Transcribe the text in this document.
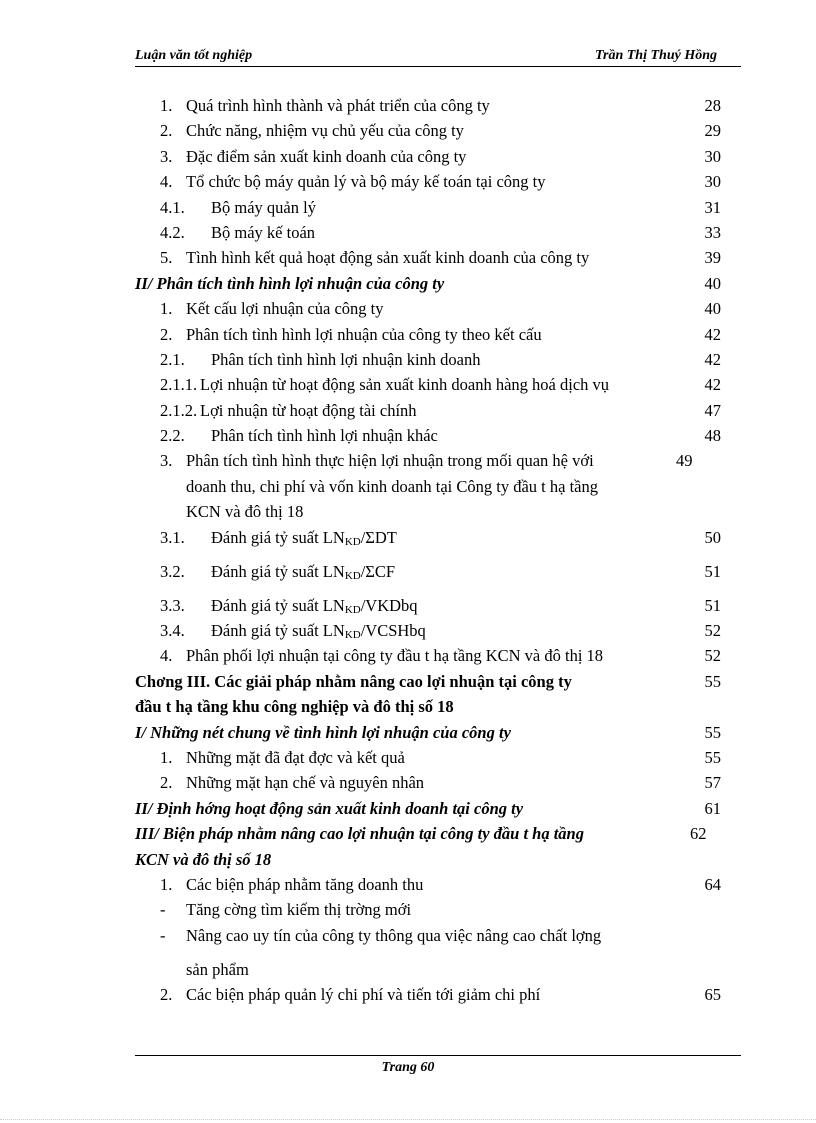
Luận văn tốt nghiệp	Trần Thị Thuý Hồng
1. Quá trình hình thành và phát triển của công ty	28
2. Chức năng, nhiệm vụ chủ yếu của công ty	29
3. Đặc điểm sản xuất kinh doanh của công ty	30
4. Tổ chức bộ máy quản lý và bộ máy kế toán tại công ty	30
4.1. Bộ máy quản lý	31
4.2. Bộ máy kế toán	33
5. Tình hình kết quả hoạt động sản xuất kinh doanh của công ty	39
II/ Phân tích tình hình lợi nhuận của công ty	40
1. Kết cấu lợi nhuận của công ty	40
2. Phân tích tình hình lợi nhuận của công ty theo kết cấu	42
2.1. Phân tích tình hình lợi nhuận kinh doanh	42
2.1.1. Lợi nhuận từ hoạt động sản xuất kinh doanh hàng hoá dịch vụ	42
2.1.2. Lợi nhuận từ hoạt động tài chính	47
2.2. Phân tích tình hình lợi nhuận khác	48
3. Phân tích tình hình thực hiện lợi nhuận trong mối quan hệ với	49
doanh thu, chi phí và vốn kinh doanh tại Công ty đầu t hạ tầng
KCN và đô thị 18
3.1. Đánh giá tỷ suất $LN_{KD}$/ΣDT	50
3.2. Đánh giá tỷ suất $LN_{KD}$/ΣCF	51
3.3. Đánh giá tỷ suất $LN_{KD}$/VKDbq	51
3.4. Đánh giá tỷ suất $LN_{KD}$/VCSHbq	52
4. Phân phối lợi nhuận tại công ty đầu t hạ tầng KCN và đô thị 18	52
Chơng III. Các giải pháp nhằm nâng cao lợi nhuận tại công ty	55
đầu t hạ tầng khu công nghiệp và đô thị số 18
I/ Những nét chung về tình hình lợi nhuận của công ty	55
1. Những mặt đã đạt đợc và kết quả	55
2. Những mặt hạn chế và nguyên nhân	57
II/ Định hớng hoạt động sản xuất kinh doanh tại công ty	61
III/ Biện pháp nhằm nâng cao lợi nhuận tại công ty đầu t hạ tầng	62
KCN và đô thị số 18
1. Các biện pháp nhằm tăng doanh thu	64
- Tăng cờng tìm kiếm thị trờng mới
- Nâng cao uy tín của công ty thông qua việc nâng cao chất lợng
sản phẩm
2. Các biện pháp quản lý chi phí và tiến tới giảm chi phí	65
Trang 60
